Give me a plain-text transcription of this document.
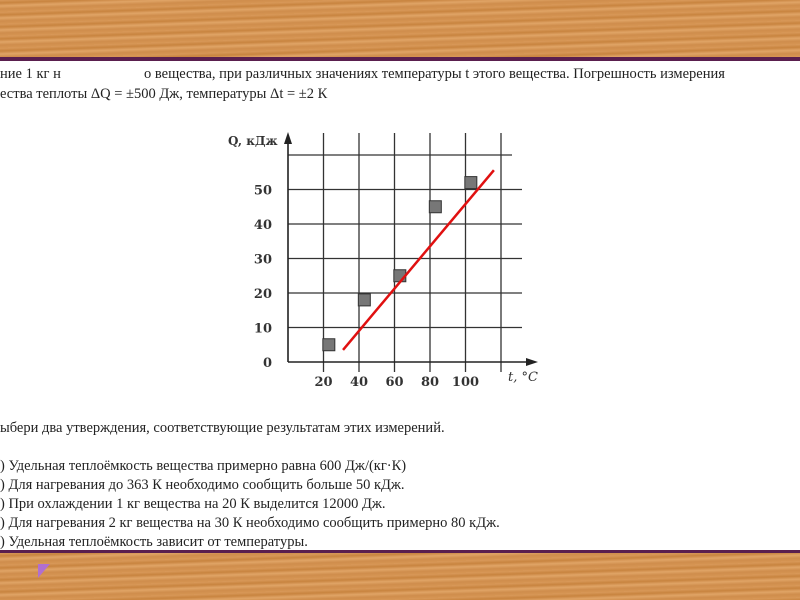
ние 1 кг н	о вещества, при различных значениях температуры t этого вещества. Погрешность измерения
ества теплоты ΔQ = ±500 Дж, температуры Δt = ±2 К
20 40 60 80 100
0
10
20
30
40
50
Q, кДж
t, °C
ыбери два утверждения, соответствующие результатам этих измерений.
) Удельная теплоёмкость вещества примерно равна 600 Дж/(кг·К)
) Для нагревания до 363 К необходимо сообщить больше 50 кДж.
) При охлаждении 1 кг вещества на 20 К выделится 12000 Дж.
) Для нагревания 2 кг вещества на 30 К необходимо сообщить примерно 80 кДж.
) Удельная теплоёмкость зависит от температуры.
